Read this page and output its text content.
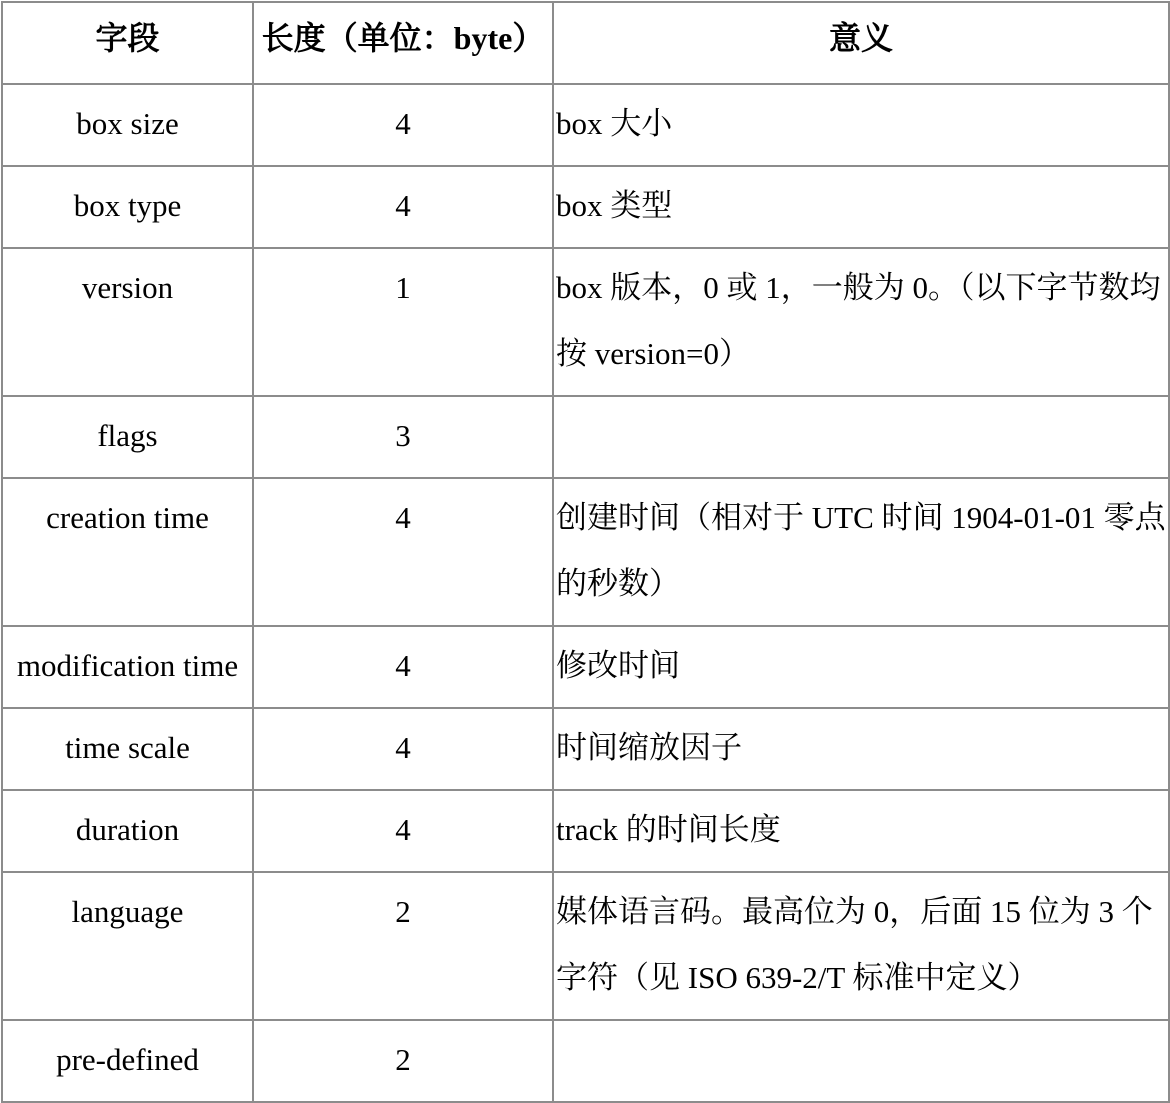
字段	长度（单位：byte）	意义
box size	4	box 大小
box type	4	box 类型
version	1	box 版本，0 或 1，一般为 0。（以下字节数均按 version=0）
flags	3	
creation time	4	创建时间（相对于 UTC 时间 1904-01-01 零点的秒数）
modification time	4	修改时间
time scale	4	时间缩放因子
duration	4	track 的时间长度
language	2	媒体语言码。最高位为 0，后面 15 位为 3 个字符（见 ISO 639-2/T 标准中定义）
pre-defined	2	
